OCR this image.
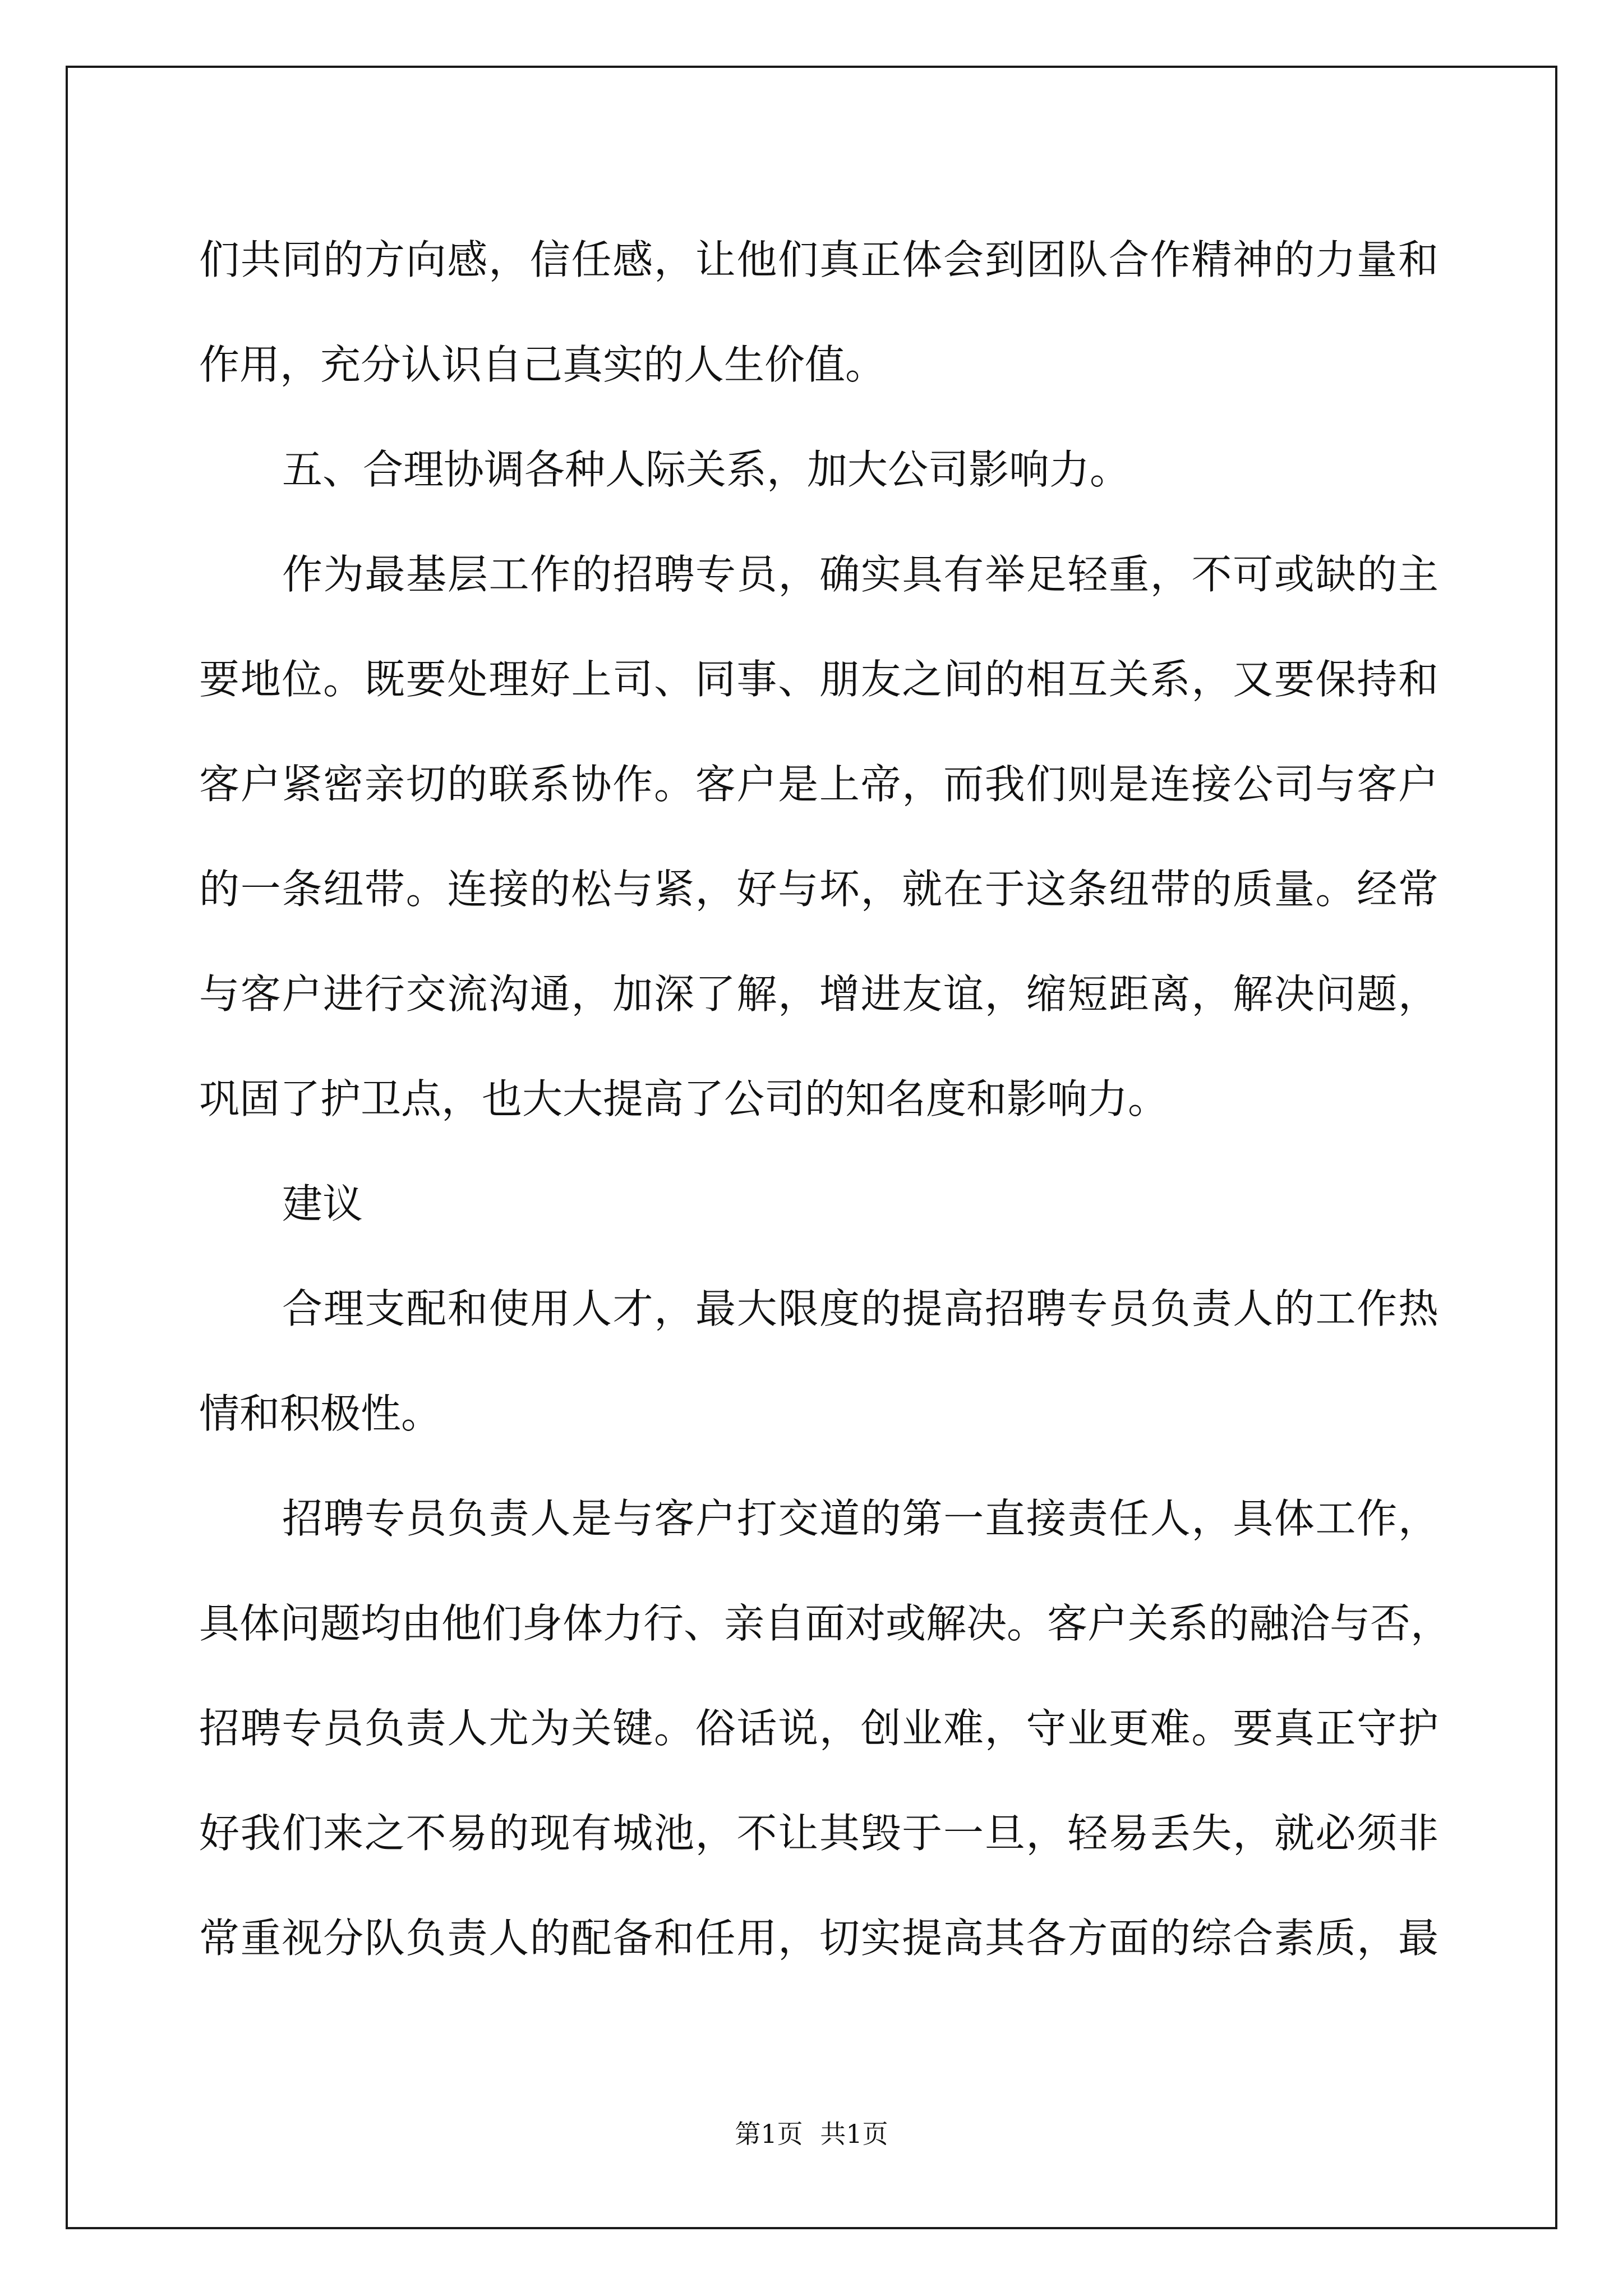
们共同的方向感，信任感，让他们真正体会到团队合作精神的力量和
作用，充分认识自己真实的人生价值。
五、合理协调各种人际关系，加大公司影响力。
作为最基层工作的招聘专员，确实具有举足轻重，不可或缺的主
要地位。既要处理好上司、同事、朋友之间的相互关系，又要保持和
客户紧密亲切的联系协作。客户是上帝，而我们则是连接公司与客户
的一条纽带。连接的松与紧，好与坏，就在于这条纽带的质量。经常
与客户进行交流沟通，加深了解，增进友谊，缩短距离，解决问题，
巩固了护卫点，也大大提高了公司的知名度和影响力。
建议
合理支配和使用人才，最大限度的提高招聘专员负责人的工作热
情和积极性。
招聘专员负责人是与客户打交道的第一直接责任人，具体工作，
具体问题均由他们身体力行、亲自面对或解决。客户关系的融洽与否，
招聘专员负责人尤为关键。俗话说，创业难，守业更难。要真正守护
好我们来之不易的现有城池，不让其毁于一旦，轻易丢失，就必须非
常重视分队负责人的配备和任用，切实提高其各方面的综合素质，最
第1页 共1页
